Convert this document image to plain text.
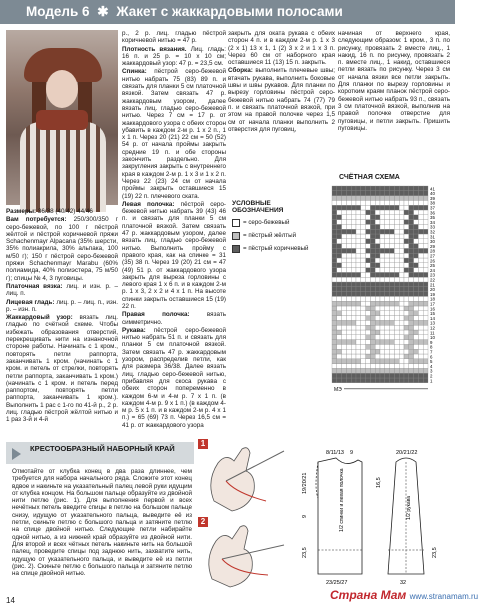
Модель 6 ✱ Жакет с жаккардовыми полосами

Размеры: 36/38 (40/42) 44/46

Вам потребуется: 250/300/350 г серо-бежевой, по 100 г пёстрой жёлтой и пёстрой коричневой пряжи Schachenmayr Alpacana (35% шерсти, 35% полиакрила, 30% альпака, 100 м/50 г); 150 г пёстрой серо-бежевой пряжи Schachenmayr Marabu (60% полиамида, 40% полиэстера, 75 м/50 г); спицы № 4, 3 пуговицы.

Платочная вязка: лиц. и изн. р. – лиц. п.

Лицевая гладь: лиц. р. – лиц. п., изн. р. – изн. п.

Жаккардовый узор: вязать лиц. гладью по счётной схеме. Чтобы избежать образования отверстий, перекрещивать нити на изнаночной стороне работы. Начинать с 1 кром., повторять петли раппорта, заканчивать 1 кром. (начинать с 1 кром. и петель от стрелки, повторять петли раппорта, заканчивать 1 кром.) (начинать с 1 кром. и петель перед раппортом, повторять петли раппорта, заканчивать 1 кром.). Выполнить 1 рас с 1-го по 41-й р., 2 р. лиц. гладью пёстрой жёлтой нитью и 1 раз 3-й и 4-й

р., 2 р. лиц. гладью пёстрой коричневой нитью = 47 р.

Плотность вязания. Лиц. гладь: 16 п. и 25 р. = 10 х 10 см; жаккардовый узор: 47 р. = 23,5 см.

Спинка: пёстрой серо-бежевой нитью набрать 75 (83) 89 п. и связать для планки 5 см платочной вязкой. Затем связать 47 р. жаккардовым узором, далее вязать лиц. гладью серо-бежевой нитью. Через 7 см = 17 р. от жаккардового узора с обеих сторон убавить в каждом 2-м р. 1 х 2 п., 1 х 1 п. Через 20 (21) 22 см = 50 (52) 54 р. от начала проймы закрыть средние 19 п. и обе стороны закончить раздельно. Для закругления закрыть с внутреннего края в каждом 2-м р. 1 х 3 и 1 х 2 п. Через 22 (23) 24 см от начала проймы закрыть оставшиеся 15 (19) 22 п. плечевого ската.

Левая полочка: пёстрой серо-бежевой нитью набрать 39 (43) 46 п. и связать для планки 5 см платочной вязкой. Затем связать 47 р. жаккардовым узором, далее вязать лиц. гладью серо-бежевой нитью. Выполнить пройму с правого края, как на спинке = 31 (35) 38 п. Через 19 (20) 21 см = 47 (49) 51 р. от жаккардового узора закрыть для выреза горловины с левого края 1 х 6 п. и в каждом 2-м р. 1 х 3, 2 х 2 и 4 х 1 п. На высоте спинки закрыть оставшиеся 15 (19) 22 п.

Правая полочка:	вязать симметрично.

Рукава: пёстрой серо-бежевой нитью набрать 51 п. и связать для планки 5 см платочной вязкой. Затем связать 47 р. жаккардовым узором, распределив петли, как для размера 36/38. Далее вязать лиц. гладью серо-бежевой нитью, прибавляя для скоса рукава с обеих сторон попеременно в каждом 6-м и 4-м р. 7 х 1 п. (в каждом 4-м р. 9 х 1 п.) (в каждом 4-м р. 5 х 1 п. и в каждом 2-м р. 4 х 1 п.) = 65 (69) 73 п. Через 16,5 см = 41 р. от жаккардового узора

закрыть для оката рукава с обеих сторон 4 п. и в каждом 2-м р. 1 х 3 (2 х 1) 13 х 1, 1 (2) 3 х 2 и 1 х 3 п. Через 60 см от наборного края оставшиеся 11 (13) 15 п. закрыть.

Сборка: выполнить плечевые швы; втачать рукава, выполнить боковые швы и швы рукавов. Для планки по вырезу горловины пёстрой серо-бежевой нитью набрать 74 (77) 79 п. и связать платочной вязкой, при этом на правой полочке через 1,5 см от начала планки выполнить 2 отверстия для пуговиц,

начиная от верхнего края, следующим образом: 1 кром., 3 п. по рисунку, провязать 2 вместе лиц., 1 накид, 16 п. по рисунку, провязать 2 п. вместе лиц., 1 накид, оставшиеся петли вязать по рисунку. Через 3 см от начала вязки все петли закрыть. Для планки по вырезу горловины и коротким краям планок пёстрой серо-бежевой нитью набрать 93 п., связать 3 см платочной вязкой, выполнив на правой полочке отверстие для пуговицы, и петли закрыть. Пришить пуговицы.

УСЛОВНЫЕ ОБОЗНАЧЕНИЯ
= серо-бежевый
= пёстрый жёлтый
= пёстрый коричневый
СЧЁТНАЯ СХЕМА
1
2
3
4
5
6
7
8
9
10
11
12
13
14
15
16
17
18
19
20
21
22
23
24
25
26
27
28
29
30
31
32
33
34
35
36
37
38
39
40
41
МЭ
КРЕСТООБРАЗНЫЙ НАБОРНЫЙ КРАЙ

Отмотайте от клубка конец в два раза длиннее, чем требуется для набора начального ряда. Сложите этот конец вдвое и накиньте на указательный палец левой руки идущим от клубка концом. На большом пальце образуйте из двойной нити петлю (рис. 1). Для выполнения первой и всех нечётных петель введите спицы в петлю на большом пальце снизу, идущую от указательного пальца, выведите её из петли, скиньте петлю с большого пальца и затяните петлю на спице двойной нитью. Следующие петли набирайте одной нитью, а из нижней край образуйте из двойной нити. Для второй и всех чётных петель накиньте нить на большой палец, проведите спицы под заднюю нить, захватите нить, идущую от указательного пальца, и выведите её из петли (рис. 2). Скиньте петлю с большого пальца и затяните петлю на спице двойной нитью.

1
2
8/11/13 9	20/21/22
19/20/21
9
23,5
1/2 спинки и левая полочка	1/2 рукава
23/25/27	32
16,5
23,5
14	Страна Мам www.stranamam.ru
